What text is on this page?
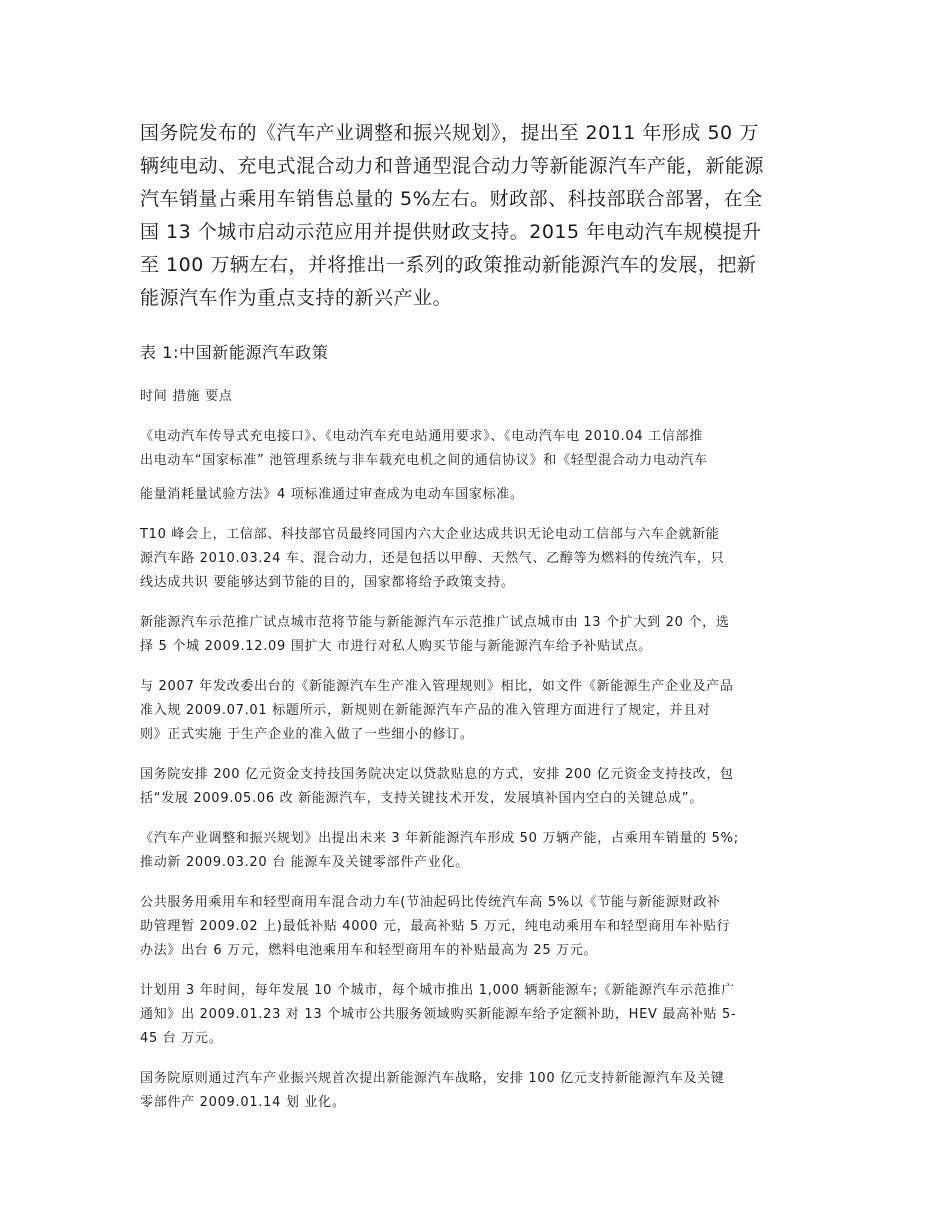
国务院发布的《汽车产业调整和振兴规划》，提出至 2011 年形成 50 万
辆纯电动、充电式混合动力和普通型混合动力等新能源汽车产能，新能源
汽车销量占乘用车销售总量的 5%左右。财政部、科技部联合部署，在全
国 13 个城市启动示范应用并提供财政支持。2015 年电动汽车规模提升
至 100 万辆左右，并将推出一系列的政策推动新能源汽车的发展，把新
能源汽车作为重点支持的新兴产业。

表 1:中国新能源汽车政策
时间 措施 要点
《电动汽车传导式充电接口》、《电动汽车充电站通用要求》、《电动汽车电 2010.04 工信部推
出电动车“国家标准” 池管理系统与非车载充电机之间的通信协议》和《轻型混合动力电动汽车
能量消耗量试验方法》4 项标准通过审查成为电动车国家标准。
T10 峰会上，工信部、科技部官员最终同国内六大企业达成共识无论电动工信部与六车企就新能
源汽车路 2010.03.24 车、混合动力，还是包括以甲醇、天然气、乙醇等为燃料的传统汽车，只
线达成共识 要能够达到节能的目的，国家都将给予政策支持。
新能源汽车示范推广试点城市范将节能与新能源汽车示范推广试点城市由 13 个扩大到 20 个，选
择 5 个城 2009.12.09 围扩大 市进行对私人购买节能与新能源汽车给予补贴试点。
与 2007 年发改委出台的《新能源汽车生产准入管理规则》相比，如文件《新能源生产企业及产品
准入规 2009.07.01 标题所示，新规则在新能源汽车产品的准入管理方面进行了规定，并且对
则》正式实施 于生产企业的准入做了一些细小的修订。
国务院安排 200 亿元资金支持技国务院决定以贷款贴息的方式，安排 200 亿元资金支持技改，包
括“发展 2009.05.06 改 新能源汽车，支持关键技术开发，发展填补国内空白的关键总成”。
《汽车产业调整和振兴规划》出提出未来 3 年新能源汽车形成 50 万辆产能，占乘用车销量的 5%;
推动新 2009.03.20 台 能源车及关键零部件产业化。
公共服务用乘用车和轻型商用车混合动力车(节油起码比传统汽车高 5%以《节能与新能源财政补
助管理暂 2009.02 上)最低补贴 4000 元，最高补贴 5 万元，纯电动乘用车和轻型商用车补贴行
办法》出台 6 万元，燃料电池乘用车和轻型商用车的补贴最高为 25 万元。
计划用 3 年时间，每年发展 10 个城市，每个城市推出 1,000 辆新能源车;《新能源汽车示范推广
通知》出 2009.01.23 对 13 个城市公共服务领域购买新能源车给予定额补助，HEV 最高补贴 5-
45 台 万元。
国务院原则通过汽车产业振兴规首次提出新能源汽车战略，安排 100 亿元支持新能源汽车及关键
零部件产 2009.01.14 划 业化。
